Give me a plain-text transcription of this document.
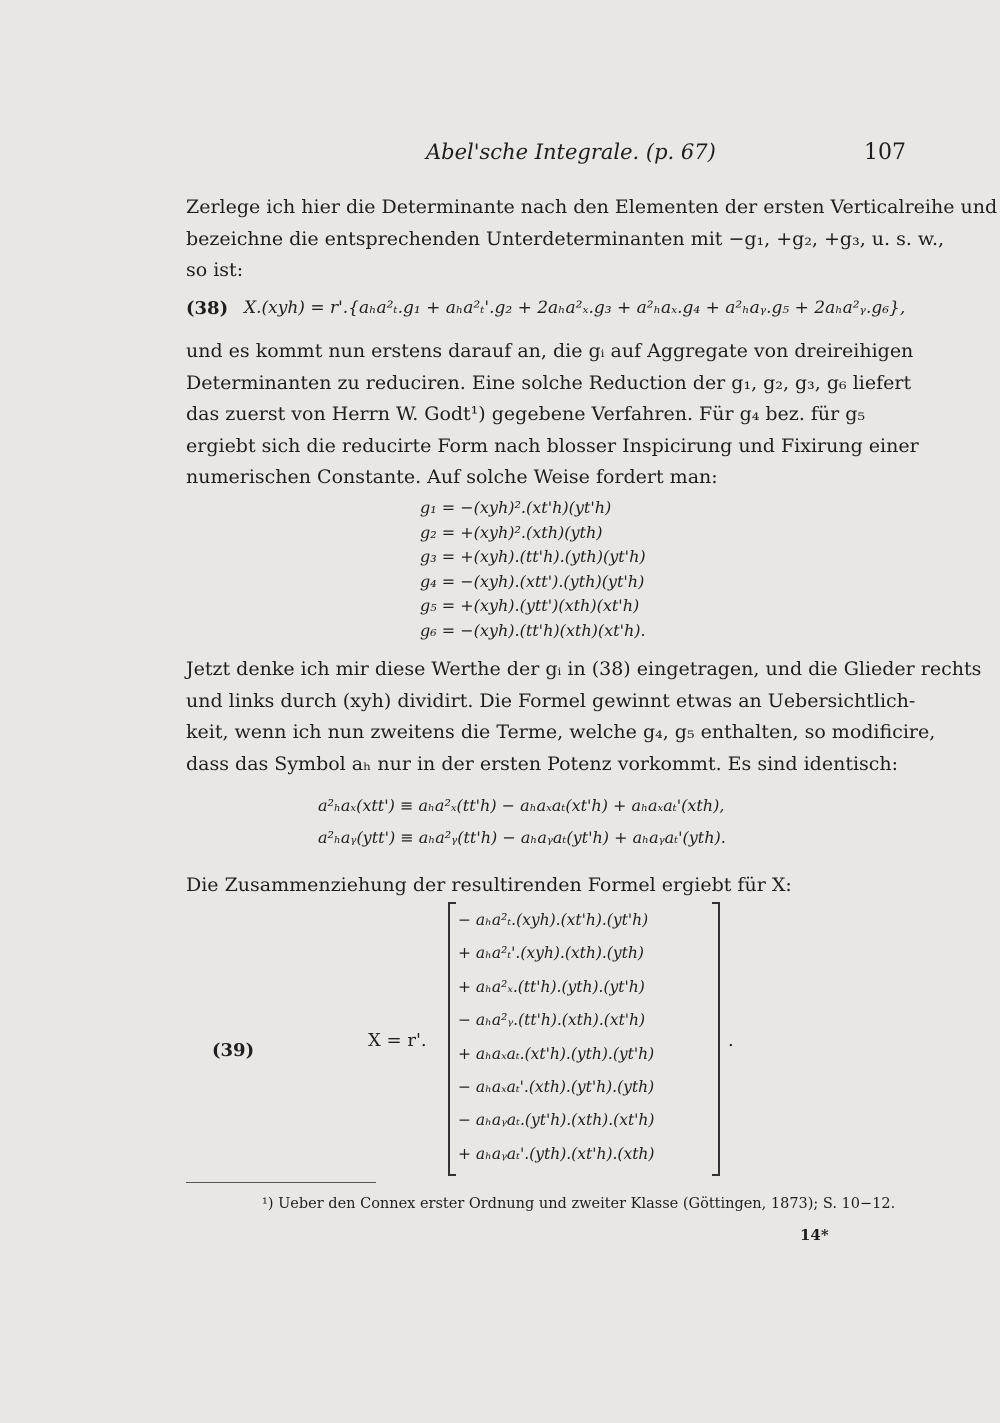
Abel'sche Integrale. (p. 67)	107
Zerlege ich hier die Determinante nach den Elementen der ersten Verticalreihe und
bezeichne die entsprechenden Unterdeterminanten mit −g₁, +g₂, +g₃, u. s. w.,
so ist:
(38) X.(xyh) = r'.{aₕa²ₜ.g₁ + aₕa²ₜ'.g₂ + 2aₕa²ₓ.g₃ + a²ₕaₓ.g₄ + a²ₕaᵧ.g₅ + 2aₕa²ᵧ.g₆},
und es kommt nun erstens darauf an, die gᵢ auf Aggregate von dreireihigen
Determinanten zu reduciren. Eine solche Reduction der g₁, g₂, g₃, g₆ liefert
das zuerst von Herrn W. Godt¹) gegebene Verfahren. Für g₄ bez. für g₅
ergiebt sich die reducirte Form nach blosser Inspicirung und Fixirung einer
numerischen Constante. Auf solche Weise fordert man:
g₁ = −(xyh)².(xt'h)(yt'h)
g₂ = +(xyh)².(xth)(yth)
g₃ = +(xyh).(tt'h).(yth)(yt'h)
g₄ = −(xyh).(xtt').(yth)(yt'h)
g₅ = +(xyh).(ytt')(xth)(xt'h)
g₆ = −(xyh).(tt'h)(xth)(xt'h).
Jetzt denke ich mir diese Werthe der gᵢ in (38) eingetragen, und die Glieder rechts
und links durch (xyh) dividirt. Die Formel gewinnt etwas an Uebersichtlich-
keit, wenn ich nun zweitens die Terme, welche g₄, g₅ enthalten, so modificire,
dass das Symbol aₕ nur in der ersten Potenz vorkommt. Es sind identisch:
a²ₕaₓ(xtt') ≡ aₕa²ₓ(tt'h) − aₕaₓaₜ(xt'h) + aₕaₓaₜ'(xth),
a²ₕaᵧ(ytt') ≡ aₕa²ᵧ(tt'h) − aₕaᵧaₜ(yt'h) + aₕaᵧaₜ'(yth).
Die Zusammenziehung der resultirenden Formel ergiebt für X:
(39)	X = r'.
− aₕa²ₜ.(xyh).(xt'h).(yt'h)
+ aₕa²ₜ'.(xyh).(xth).(yth)
+ aₕa²ₓ.(tt'h).(yth).(yt'h)
− aₕa²ᵧ.(tt'h).(xth).(xt'h)
+ aₕaₓaₜ.(xt'h).(yth).(yt'h)
− aₕaₓaₜ'.(xth).(yt'h).(yth)
− aₕaᵧaₜ.(yt'h).(xth).(xt'h)
+ aₕaᵧaₜ'.(yth).(xt'h).(xth)
.
¹) Ueber den Connex erster Ordnung und zweiter Klasse (Göttingen, 1873); S. 10−12.
14*
